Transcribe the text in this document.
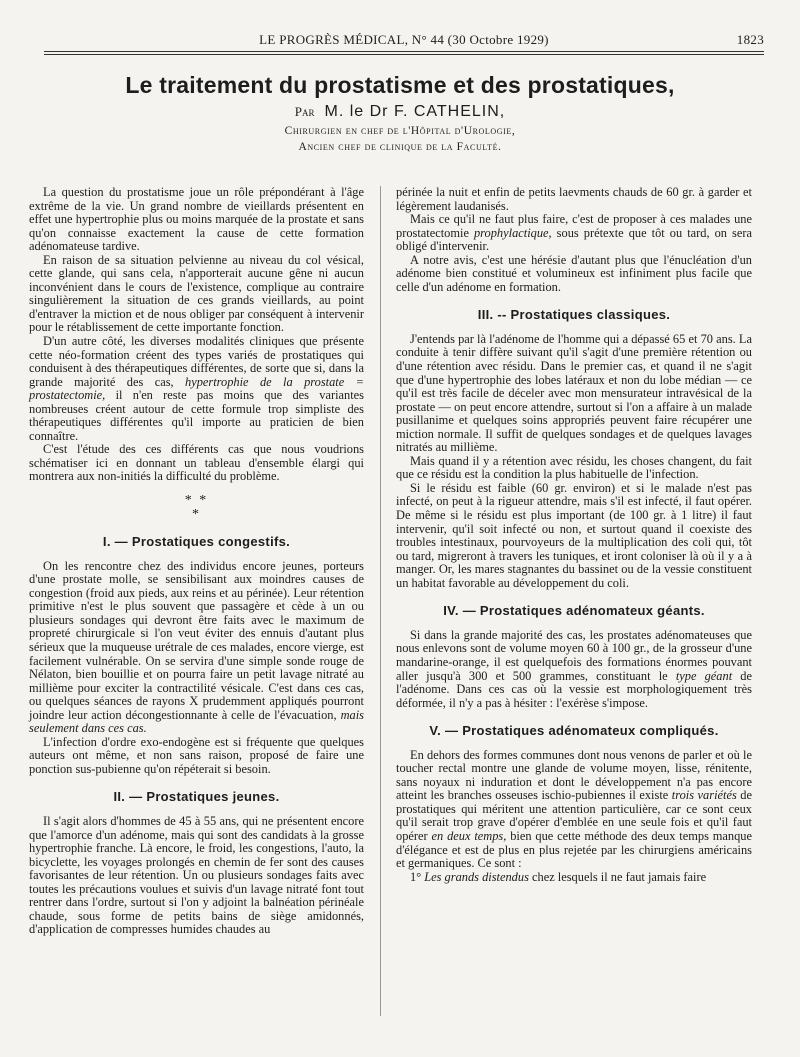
LE PROGRÈS MÉDICAL, N° 44 (30 Octobre 1929)	1823
Le traitement du prostatisme et des prostatiques,
Par M. le Dr F. CATHELIN,
Chirurgien en chef de l'Hôpital d'Urologie,
Ancien chef de clinique de la Faculté.

La question du prostatisme joue un rôle prépondérant à l'âge extrême de la vie. Un grand nombre de vieillards présentent en effet une hypertrophie plus ou moins marquée de la prostate et sans qu'on connaisse exactement la cause de cette formation adénomateuse tardive.

En raison de sa situation pelvienne au niveau du col vésical, cette glande, qui sans cela, n'apporterait aucune gêne ni aucun inconvénient dans le cours de l'existence, complique au contraire singulièrement la situation de ces grands vieillards, au point d'entraver la miction et de nous obliger par conséquent à intervenir pour le rétablissement de cette importante fonction.

D'un autre côté, les diverses modalités cliniques que présente cette néo-formation créent des types variés de prostatiques qui conduisent à des thérapeutiques différentes, de sorte que si, dans la grande majorité des cas, hypertrophie de la prostate = prostatectomie, il n'en reste pas moins que des variantes nombreuses créent autour de cette formule trop simpliste des thérapeutiques différentes qu'il importe au praticien de bien connaître.

C'est l'étude des ces différents cas que nous voudrions schématiser ici en donnant un tableau d'ensemble élargi qui montrera aux non-initiés la difficulté du problème.

* *
*

I. — Prostatiques congestifs.

On les rencontre chez des individus encore jeunes, porteurs d'une prostate molle, se sensibilisant aux moindres causes de congestion (froid aux pieds, aux reins et au périnée). Leur rétention primitive n'est le plus souvent que passagère et cède à un ou plusieurs sondages qui devront être faits avec le maximum de propreté chirurgicale si l'on veut éviter des ennuis d'autant plus sérieux que la muqueuse urétrale de ces malades, encore vierge, est facilement vulnérable. On se servira d'une simple sonde rouge de Nélaton, bien bouillie et on pourra faire un petit lavage nitraté au millième pour exciter la contractilité vésicale. C'est dans ces cas, ou quelques séances de rayons X prudemment appliqués pourront joindre leur action décongestionnante à celle de l'évacuation, mais seulement dans ces cas.

L'infection d'ordre exo-endogène est si fréquente que quelques auteurs ont même, et non sans raison, proposé de faire une ponction sus-pubienne qu'on répéterait si besoin.

II. — Prostatiques jeunes.

Il s'agit alors d'hommes de 45 à 55 ans, qui ne présentent encore que l'amorce d'un adénome, mais qui sont des candidats à la grosse hypertrophie franche. Là encore, le froid, les congestions, l'auto, la bicyclette, les voyages prolongés en chemin de fer sont des causes favorisantes de leur rétention. Un ou plusieurs sondages faits avec toutes les précautions voulues et suivis d'un lavage nitraté font tout rentrer dans l'ordre, surtout si l'on y adjoint la balnéation périnéale chaude, sous forme de petits bains de siège amidonnés, d'application de compresses humides chaudes au

périnée la nuit et enfin de petits laevments chauds de 60 gr. à garder et légèrement laudanisés.

Mais ce qu'il ne faut plus faire, c'est de proposer à ces malades une prostatectomie prophylactique, sous prétexte que tôt ou tard, on sera obligé d'intervenir.

A notre avis, c'est une hérésie d'autant plus que l'énucléation d'un adénome bien constitué et volumineux est infiniment plus facile que celle d'un adénome en formation.

III. -- Prostatiques classiques.

J'entends par là l'adénome de l'homme qui a dépassé 65 et 70 ans. La conduite à tenir diffère suivant qu'il s'agit d'une première rétention ou d'une rétention avec résidu. Dans le premier cas, et quand il ne s'agit que d'une hypertrophie des lobes latéraux et non du lobe médian — ce qu'il est très facile de déceler avec mon mensurateur intravésical de la prostate — on peut encore attendre, surtout si l'on a affaire à un malade pusillanime et quelques soins appropriés peuvent faire récupérer une miction normale. Il suffit de quelques sondages et de quelques lavages nitratés au millième.

Mais quand il y a rétention avec résidu, les choses changent, du fait que ce résidu est la condition la plus habituelle de l'infection.

Si le résidu est faible (60 gr. environ) et si le malade n'est pas infecté, on peut à la rigueur attendre, mais s'il est infecté, il faut opérer. De même si le résidu est plus important (de 100 gr. à 1 litre) il faut intervenir, qu'il soit infecté ou non, et surtout quand il coexiste des troubles intestinaux, pourvoyeurs de la multiplication des coli qui, tôt ou tard, migreront à travers les tuniques, et iront coloniser là où il y a à manger. Or, les mares stagnantes du bassinet ou de la vessie constituent un habitat favorable au développement du coli.

IV. — Prostatiques adénomateux géants.

Si dans la grande majorité des cas, les prostates adénomateuses que nous enlevons sont de volume moyen 60 à 100 gr., de la grosseur d'une mandarine-orange, il est quelquefois des formations énormes pouvant aller jusqu'à 300 et 500 grammes, constituant le type géant de l'adénome. Dans ces cas où la vessie est morphologiquement très déformée, il n'y a pas à hésiter : l'exérèse s'impose.

V. — Prostatiques adénomateux compliqués.

En dehors des formes communes dont nous venons de parler et où le toucher rectal montre une glande de volume moyen, lisse, rénitente, sans noyaux ni induration et dont le développement n'a pas encore atteint les branches osseuses ischio-pubiennes il existe trois variétés de prostatiques qui méritent une attention particulière, car ce sont ceux qu'il serait trop grave d'opérer d'emblée en une seule fois et qu'il faut opérer en deux temps, bien que cette méthode des deux temps manque d'élégance et est de plus en plus rejetée par les chirurgiens américains et germaniques. Ce sont :

1° Les grands distendus chez lesquels il ne faut jamais faire
